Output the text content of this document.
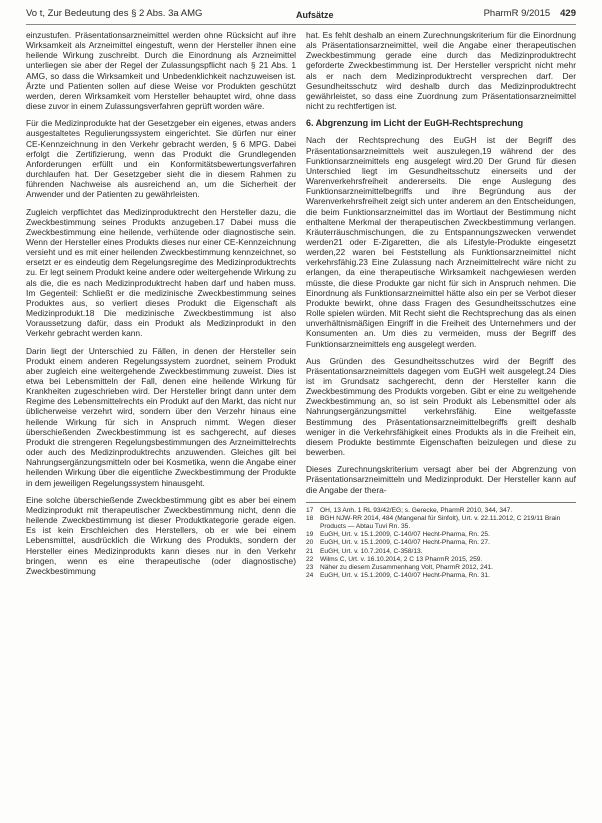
Vo t, Zur Bedeutung des § 2 Abs. 3a AMG	Aufsätze	PharmR 9/2015 429

einzustufen. Präsentationsarzneimittel werden ohne Rücksicht auf ihre Wirksamkeit als Arzneimittel eingestuft, wenn der Hersteller ihnen eine heilende Wirkung zuschreibt. Durch die Einordnung als Arzneimittel unterliegen sie aber der Regel der Zulassungspflicht nach § 21 Abs. 1 AMG, so dass die Wirksamkeit und Unbedenklichkeit nachzuweisen ist. Ärzte und Patienten sollen auf diese Weise vor Produkten geschützt werden, deren Wirksamkeit vom Hersteller behauptet wird, ohne dass diese zuvor in einem Zulassungsverfahren geprüft worden wäre.

Für die Medizinprodukte hat der Gesetzgeber ein eigenes, etwas anders ausgestaltetes Regulierungssystem eingerichtet. Sie dürfen nur einer CE-Kennzeichnung in den Verkehr gebracht werden, § 6 MPG. Dabei erfolgt die Zertifizierung, wenn das Produkt die Grundlegenden Anforderungen erfüllt und ein Konformitätsbewertungsverfahren durchlaufen hat. Der Gesetzgeber sieht die in diesem Rahmen zu führenden Nachweise als ausreichend an, um die Sicherheit der Anwender und der Patienten zu gewährleisten.

Zugleich verpflichtet das Medizinproduktrecht den Hersteller dazu, die Zweckbestimmung seines Produkts anzugeben.17 Dabei muss die Zweckbestimmung eine heilende, verhütende oder diagnostische sein. Wenn der Hersteller eines Produkts dieses nur einer CE-Kennzeichnung versieht und es mit einer heilenden Zweckbestimmung kennzeichnet, so ersetzt er es eindeutig dem Regelungsregime des Medizinproduktrechts zu. Er legt seinem Produkt keine andere oder weitergehende Wirkung zu als die, die es nach Medizinproduktrecht haben darf und haben muss. Im Gegenteil: Schließt er die medizinische Zweckbestimmung seines Produktes aus, so verliert dieses Produkt die Eigenschaft als Medizinprodukt.18 Die medizinische Zweckbestimmung ist also Voraussetzung dafür, dass ein Produkt als Medizinprodukt in den Verkehr gebracht werden kann.

Darin liegt der Unterschied zu Fällen, in denen der Hersteller sein Produkt einem anderen Regelungssystem zuordnet, seinem Produkt aber zugleich eine weitergehende Zweckbestimmung zuweist. Dies ist etwa bei Lebensmitteln der Fall, denen eine heilende Wirkung für Krankheiten zugeschrieben wird. Der Hersteller bringt dann unter dem Regime des Lebensmittelrechts ein Produkt auf den Markt, das nicht nur üblicherweise verzehrt wird, sondern über den Verzehr hinaus eine heilende Wirkung für sich in Anspruch nimmt. Wegen dieser überschießenden Zweckbestimmung ist es sachgerecht, auf dieses Produkt die strengeren Regelungsbestimmungen des Arzneimittelrechts oder auch des Medizinproduktrechts anzuwenden. Gleiches gilt bei Nahrungsergänzungsmitteln oder bei Kosmetika, wenn die Angabe einer heilenden Wirkung über die eigentliche Zweckbestimmung der Produkte in dem jeweiligen Regelungssystem hinausgeht.

Eine solche überschießende Zweckbestimmung gibt es aber bei einem Medizinprodukt mit therapeutischer Zweckbestimmung nicht, denn die heilende Zweckbestimmung ist dieser Produktkategorie gerade eigen. Es ist kein Erschleichen des Herstellers, ob er wie bei einem Lebensmittel, ausdrücklich die Wirkung des Produkts, sondern der Hersteller eines Medizinprodukts kann dieses nur in den Verkehr bringen, wenn es eine therapeutische (oder diagnostische) Zweckbestimmung

hat. Es fehlt deshalb an einem Zurechnungskriterium für die Einordnung als Präsentationsarzneimittel, weil die Angabe einer therapeutischen Zweckbestimmung gerade eine durch das Medizinproduktrecht geforderte Zweckbestimmung ist. Der Hersteller verspricht nicht mehr als er nach dem Medizinproduktrecht versprechen darf. Der Gesundheitsschutz wird deshalb durch das Medizinproduktrecht gewährleistet, so dass eine Zuordnung zum Präsentationsarzneimittel nicht zu rechtfertigen ist.

6. Abgrenzung im Licht der EuGH-Rechtsprechung

Nach der Rechtsprechung des EuGH ist der Begriff des Präsentationsarzneimittels weit auszulegen,19 während der des Funktionsarzneimittels eng ausgelegt wird.20 Der Grund für diesen Unterschied liegt im Gesundheitsschutz einerseits und der Warenverkehrsfreiheit andererseits. Die enge Auslegung des Funktionsarzneimittelbegriffs und ihre Begründung aus der Warenverkehrsfreiheit zeigt sich unter anderem an den Entscheidungen, die beim Funktionsarzneimittel das im Wortlaut der Bestimmung nicht enthaltene Merkmal der therapeutischen Zweckbestimmung verlangen. Kräuterräuschmischungen, die zu Entspannungszwecken verwendet werden21 oder E-Zigaretten, die als Lifestyle-Produkte eingesetzt werden,22 waren bei Feststellung als Funktionsarzneimittel nicht verkehrsfähig.23 Eine Zulassung nach Arzneimittelrecht wäre nicht zu erlangen, da eine therapeutische Wirksamkeit nachgewiesen werden müsste, die diese Produkte gar nicht für sich in Anspruch nehmen. Die Einordnung als Funktionsarzneimittel hätte also ein per se Verbot dieser Produkte bewirkt, ohne dass Fragen des Gesundheitsschutzes eine Rolle spielen würden. Mit Recht sieht die Rechtsprechung das als einen unverhältnismäßigen Eingriff in die Freiheit des Unternehmers und der Konsumenten an. Um dies zu vermeiden, muss der Begriff des Funktionsarzneimittels eng ausgelegt werden.

Aus Gründen des Gesundheitsschutzes wird der Begriff des Präsentationsarzneimittels dagegen vom EuGH weit ausgelegt.24 Dies ist im Grundsatz sachgerecht, denn der Hersteller kann die Zweckbestimmung des Produkts vorgeben. Gibt er eine zu weitgehende Zweckbestimmung an, so ist sein Produkt als Lebensmittel oder als Nahrungsergänzungsmittel verkehrsfähig. Eine weitgefasste Bestimmung des Präsentationsarzneimittelbegriffs greift deshalb weniger in die Verkehrsfähigkeit eines Produkts als in die Freiheit ein, diesem Produkte bestimmte Eigenschaften beizulegen und diese zu bewerben.

Dieses Zurechnungskriterium versagt aber bei der Abgrenzung von Präsentationsarzneimitteln und Medizinprodukt. Der Hersteller kann auf die Angabe der thera-

17	OH, 13 Anh. 1 RL 93/42/EG; s. Gerecke, PharmR 2010, 344, 347.
18	BGH NJW-RR 2014, 484 (Mangenal für Sinfolt), Urt. v. 22.11.2012, C 219/11 Brain Products — Abtau Tuvi Rn. 35.
19	EuGH, Urt. v. 15.1.2009, C-140/07 Hecht-Pharma, Rn. 25.
20	EuGH, Urt. v. 15.1.2009, C-140/07 Hecht-Pharma, Rn. 27.
21	EuGH, Urt. v. 10.7.2014, C-358/13.
22	Wilms C, Urt. v. 16.10.2014, 2 C 13 PharmR 2015, 259.
23	Näher zu diesem Zusammenhang Volt, PharmR 2012, 241.
24	EuGH, Urt. v. 15.1.2009, C-140/07 Hecht-Pharma, Rn. 31.
